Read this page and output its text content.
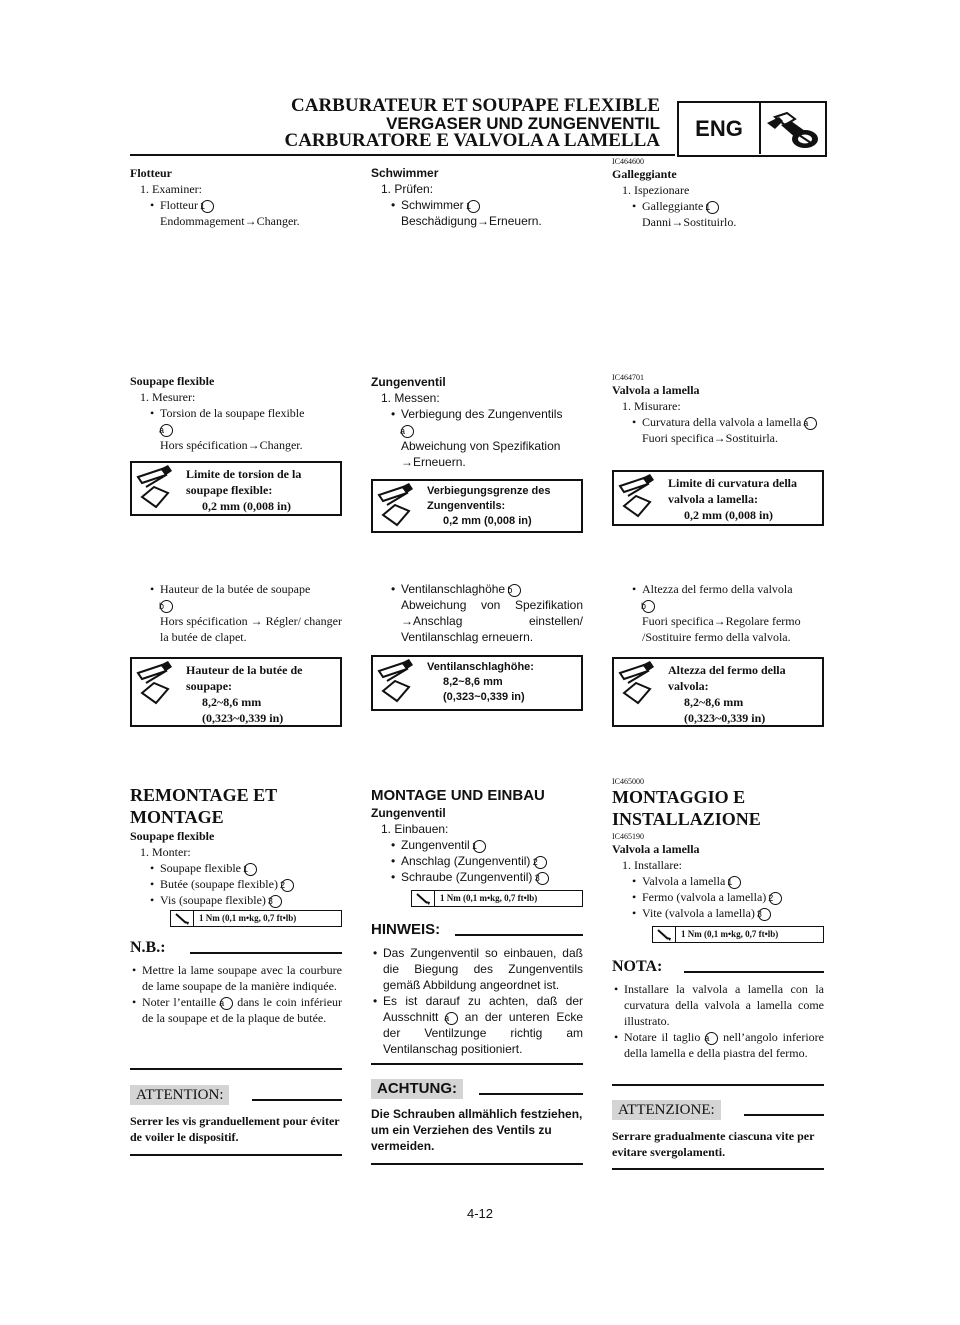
CARBURATEUR ET SOUPAPE FLEXIBLE
VERGASER UND ZUNGENVENTIL
CARBURATORE E VALVOLA A LAMELLA	ENG
Flotteur
1. Examiner:
• Flotteur 1
Endommagement→Changer.
Soupape flexible
1. Mesurer:
• Torsion de la soupape flexible
a
Hors spécification→Changer.
Limite de torsion de la soupape flexible:
0,2 mm (0,008 in)
• Hauteur de la butée de soupape
b
Hors spécification → Régler/ changer la butée de clapet.
Hauteur de la butée de soupape:
8,2~8,6 mm
(0,323~0,339 in)
REMONTAGE ET MONTAGE
Soupape flexible
1. Monter:
• Soupape flexible 1
• Butée (soupape flexible) 2
• Vis (soupape flexible) 3
1 Nm (0,1 m•kg, 0,7 ft•lb)
N.B.:
• Mettre la lame soupape avec la courbure de lame soupape de la manière indiquée.
• Noter l’entaille a dans le coin inférieur de la soupape et de la plaque de butée.
ATTENTION:
Serrer les vis granduellement pour éviter de voiler le dispositif.
Schwimmer
1. Prüfen:
• Schwimmer 1
Beschädigung→Erneuern.
Zungenventil
1. Messen:
• Verbiegung des Zungenventils
a
Abweichung von Spezifikation →Erneuern.
Verbiegungsgrenze des Zungenventils:
0,2 mm (0,008 in)
• Ventilanschlaghöhe b
Abweichung von Spezifikation →Anschlag einstellen/ Ventilanschlag erneuern.
Ventilanschlaghöhe:
8,2~8,6 mm
(0,323~0,339 in)
MONTAGE UND EINBAU
Zungenventil
1. Einbauen:
• Zungenventil 1
• Anschlag (Zungenventil) 2
• Schraube (Zungenventil) 3
1 Nm (0,1 m•kg, 0,7 ft•lb)
HINWEIS:
• Das Zungenventil so einbauen, daß die Biegung des Zungenventils gemäß Abbildung angeordnet ist.
• Es ist darauf zu achten, daß der Ausschnitt a an der unteren Ecke der Ventilzunge richtig am Ventilanschag positioniert.
ACHTUNG:
Die Schrauben allmählich festziehen, um ein Verziehen des Ventils zu vermeiden.
IC464600
Galleggiante
1. Ispezionare
• Galleggiante 1
Danni→Sostituirlo.
IC464701
Valvola a lamella
1. Misurare:
• Curvatura della valvola a lamella a
Fuori specifica→Sostituirla.
Limite di curvatura della valvola a lamella:
0,2 mm (0,008 in)
• Altezza del fermo della valvola
b
Fuori specifica→Regolare fermo /Sostituire fermo della valvola.
Altezza del fermo della valvola:
8,2~8,6 mm
(0,323~0,339 in)
IC465000
MONTAGGIO E INSTALLAZIONE
IC465190
Valvola a lamella
1. Installare:
• Valvola a lamella 1
• Fermo (valvola a lamella) 2
• Vite (valvola a lamella) 3
1 Nm (0,1 m•kg, 0,7 ft•lb)
NOTA:
• Installare la valvola a lamella con la curvatura della valvola a lamella come illustrato.
• Notare il taglio a nell’angolo inferiore della lamella e della piastra del fermo.
ATTENZIONE:
Serrare gradualmente ciascuna vite per evitare svergolamenti.
4-12
